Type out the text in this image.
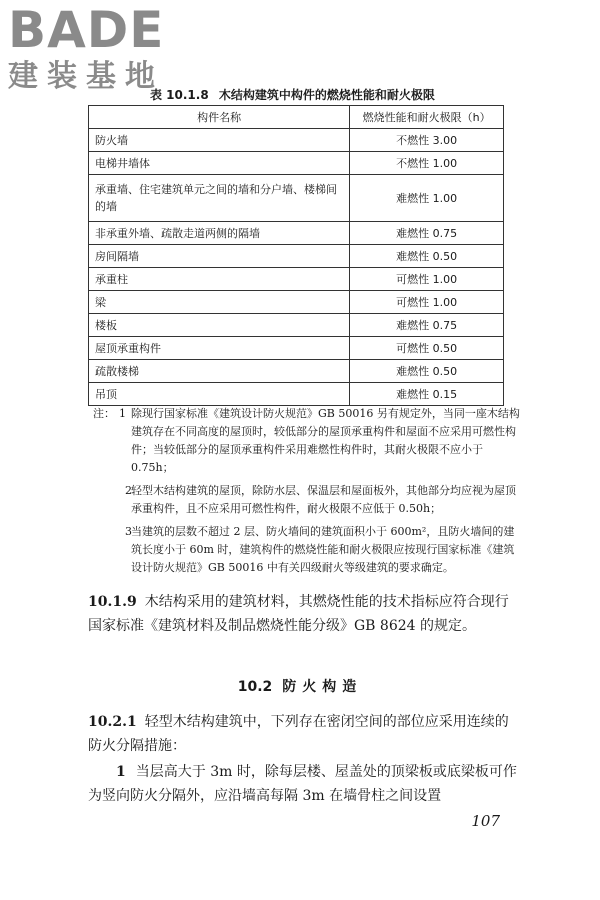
BADE
建装基地
表 10.1.8 木结构建筑中构件的燃烧性能和耐火极限
构件名称	燃烧性能和耐火极限（h）
防火墙	不燃性 3.00
电梯井墙体	不燃性 1.00
承重墙、住宅建筑单元之间的墙和分户墙、楼梯间的墙	难燃性 1.00
非承重外墙、疏散走道两侧的隔墙	难燃性 0.75
房间隔墙	难燃性 0.50
承重柱	可燃性 1.00
梁	可燃性 1.00
楼板	难燃性 0.75
屋顶承重构件	可燃性 0.50
疏散楼梯	难燃性 0.50
吊顶	难燃性 0.15
注： 1 除现行国家标准《建筑设计防火规范》GB 50016 另有规定外，当同一座木结构建筑存在不同高度的屋顶时，较低部分的屋顶承重构件和屋面不应采用可燃性构件；当较低部分的屋顶承重构件采用难燃性构件时，其耐火极限不应小于 0.75h；
2 轻型木结构建筑的屋顶，除防水层、保温层和屋面板外，其他部分均应视为屋顶承重构件，且不应采用可燃性构件，耐火极限不应低于 0.50h；
3 当建筑的层数不超过 2 层、防火墙间的建筑面积小于 600m²，且防火墙间的建筑长度小于 60m 时，建筑构件的燃烧性能和耐火极限应按现行国家标准《建筑设计防火规范》GB 50016 中有关四级耐火等级建筑的要求确定。
10.1.9 木结构采用的建筑材料，其燃烧性能的技术指标应符合现行国家标准《建筑材料及制品燃烧性能分级》GB 8624 的规定。
10.2 防火构造
10.2.1 轻型木结构建筑中，下列存在密闭空间的部位应采用连续的防火分隔措施：
1 当层高大于 3m 时，除每层楼、屋盖处的顶梁板或底梁板可作为竖向防火分隔外，应沿墙高每隔 3m 在墙骨柱之间设置
107
